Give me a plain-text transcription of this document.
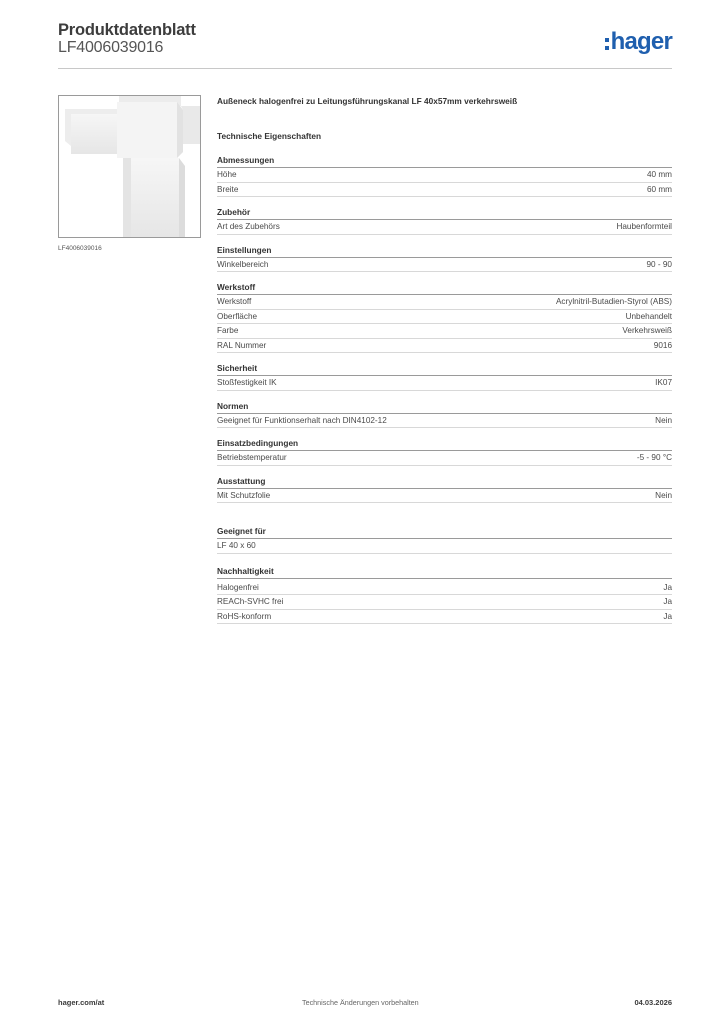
Produktdatenblatt
LF4006039016	hager
LF4006039016
Außeneck halogenfrei zu Leitungsführungskanal LF 40x57mm verkehrsweiß
Technische Eigenschaften
Abmessungen
Höhe	40 mm
Breite	60 mm
Zubehör
Art des Zubehörs	Haubenformteil
Einstellungen
Winkelbereich	90 - 90
Werkstoff
Werkstoff	Acrylnitril-Butadien-Styrol (ABS)
Oberfläche	Unbehandelt
Farbe	Verkehrsweiß
RAL Nummer	9016
Sicherheit
Stoßfestigkeit IK	IK07
Normen
Geeignet für Funktionserhalt nach DIN4102-12	Nein
Einsatzbedingungen
Betriebstemperatur	-5 - 90 °C
Ausstattung
Mit Schutzfolie	Nein
Geeignet für
LF 40 x 60
Nachhaltigkeit
Halogenfrei	Ja
REACh-SVHC frei	Ja
RoHS-konform	Ja
hager.com/at	Technische Änderungen vorbehalten	04.03.2026
